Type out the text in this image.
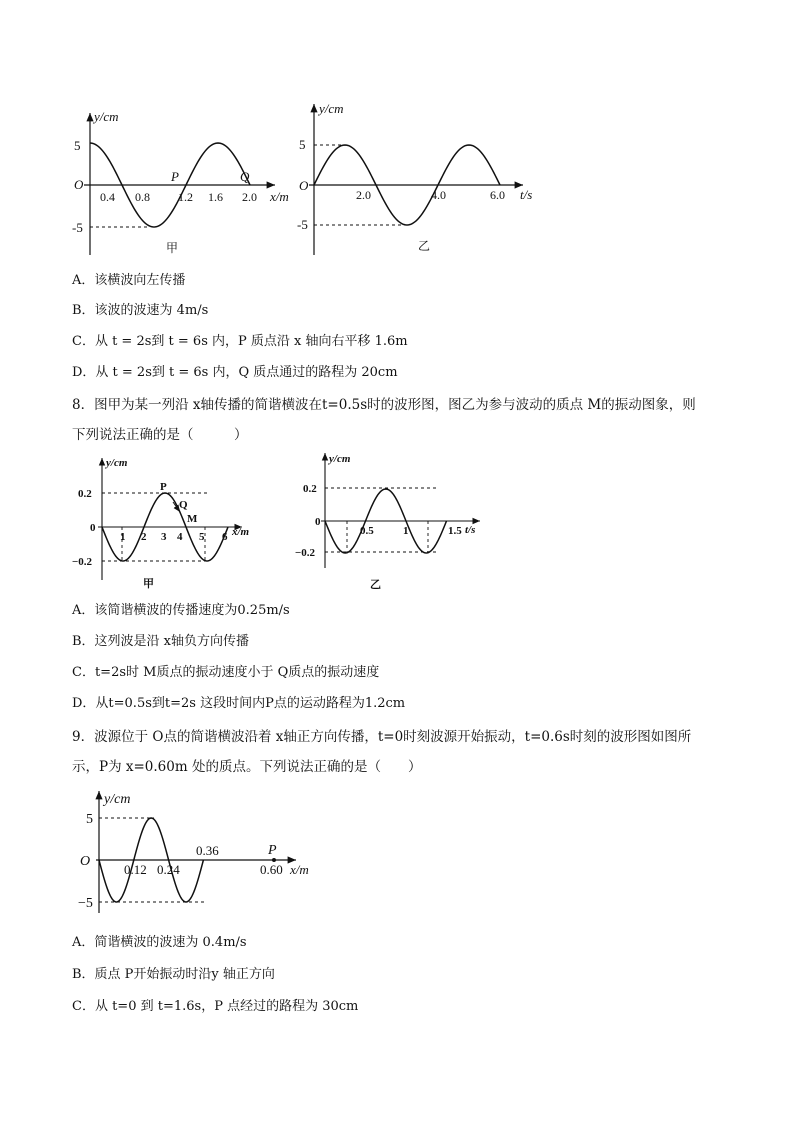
y/cm
5
O
-5
0.4 0.8 1.2 1.6 2.0
P	Q
x/m
甲
y/cm
5
O
-5
2.0	4.0	6.0 t/s
乙
A．该横波向左传播
B．该波的波速为 4m/s
C．从 t = 2s到 t = 6s 内，P 质点沿 x 轴向右平移 1.6m
D．从 t = 2s到 t = 6s 内，Q 质点通过的路程为 20cm
8．图甲为某一列沿 x轴传播的简谐横波在t=0.5s时的波形图，图乙为参与波动的质点 M的振动图象，则
下列说法正确的是（　　　）
y/cm
0.2
0
−0.2
1 2 3 4 5 6 x/m
P
Q
M
甲
y/cm
0.2
0
−0.2
0.5	1	1.5 t/s
乙
A．该简谐横波的传播速度为0.25m/s
B．这列波是沿 x轴负方向传播
C．t=2s时 M质点的振动速度小于 Q质点的振动速度
D．从t=0.5s到t=2s 这段时间内P点的运动路程为1.2cm
9．波源位于 O点的简谐横波沿着 x轴正方向传播，t=0时刻波源开始振动，t=0.6s时刻的波形图如图所
示，P为 x=0.60m 处的质点。下列说法正确的是（　　）
y/cm
5
O
−5
0.12 0.24
0.36
0.60
P
x/m
A．简谐横波的波速为 0.4m/s
B．质点 P开始振动时沿y 轴正方向
C．从 t=0 到 t=1.6s，P 点经过的路程为 30cm
